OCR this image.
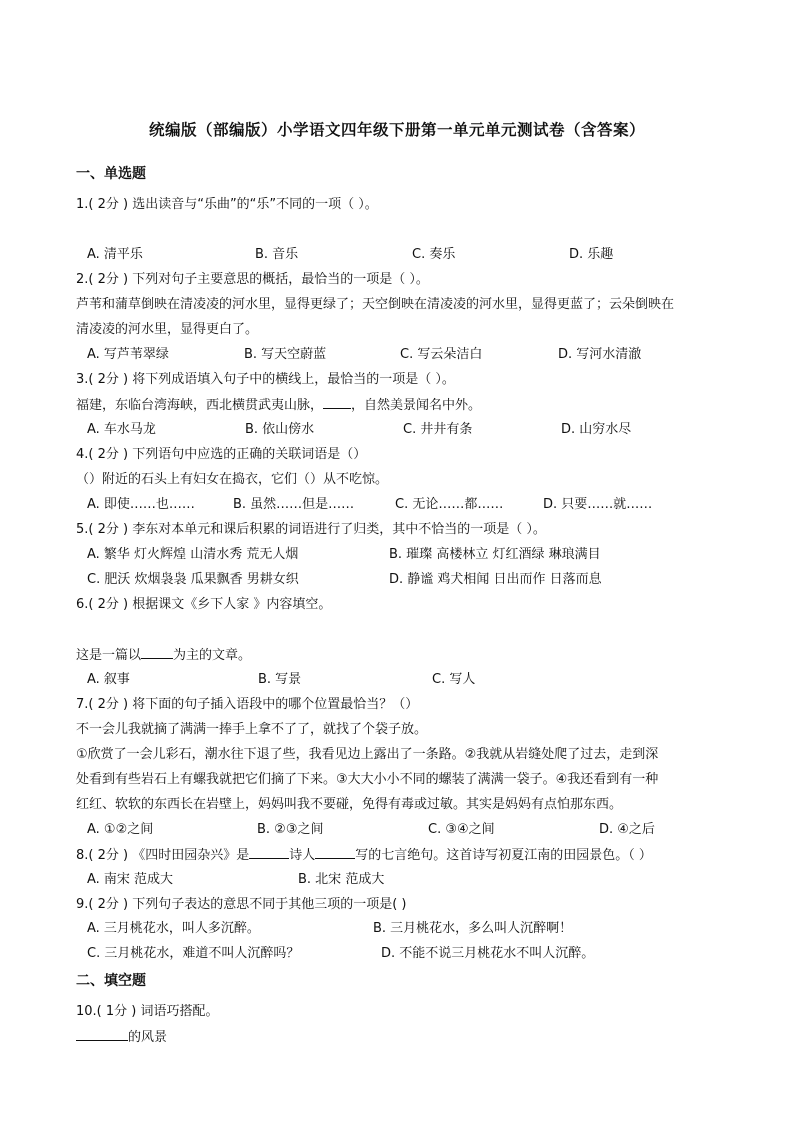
统编版（部编版）小学语文四年级下册第一单元单元测试卷（含答案）
一、单选题
1.( 2分 ) 选出读音与“乐曲”的“乐”不同的一项（ ）。
A. 清平乐	B. 音乐	C. 奏乐	D. 乐趣
2.( 2分 ) 下列对句子主要意思的概括，最恰当的一项是（ ）。
芦苇和蒲草倒映在清凌凌的河水里，显得更绿了；天空倒映在清凌凌的河水里，显得更蓝了；云朵倒映在
清凌凌的河水里，显得更白了。
A. 写芦苇翠绿	B. 写天空蔚蓝	C. 写云朵洁白	D. 写河水清澈
3.( 2分 ) 将下列成语填入句子中的横线上，最恰当的一项是（ ）。
福建，东临台湾海峡，西北横贯武夷山脉， ，自然美景闻名中外。
A. 车水马龙	B. 依山傍水	C. 井井有条	D. 山穷水尽
4.( 2分 ) 下列语句中应选的正确的关联词语是（）
（）附近的石头上有妇女在捣衣，它们（）从不吃惊。
A. 即使……也……	B. 虽然……但是……	C. 无论……都……	D. 只要……就……
5.( 2分 ) 李东对本单元和课后积累的词语进行了归类，其中不恰当的一项是（ ）。
A. 繁华 灯火辉煌 山清水秀 荒无人烟	B. 璀璨 高楼林立 灯红酒绿 琳琅满目
C. 肥沃 炊烟袅袅 瓜果飘香 男耕女织	D. 静谧 鸡犬相闻 日出而作 日落而息
6.( 2分 ) 根据课文《乡下人家 》内容填空。
这是一篇以 为主的文章。
A. 叙事	B. 写景	C. 写人
7.( 2分 ) 将下面的句子插入语段中的哪个位置最恰当？（）
不一会儿我就摘了满满一捧手上拿不了了，就找了个袋子放。
①欣赏了一会儿彩石，潮水往下退了些，我看见边上露出了一条路。②我就从岩缝处爬了过去，走到深
处看到有些岩石上有螺我就把它们摘了下来。③大大小小不同的螺装了满满一袋子。④我还看到有一种
红红、软软的东西长在岩壁上，妈妈叫我不要碰，免得有毒或过敏。其实是妈妈有点怕那东西。
A. ①②之间	B. ②③之间	C. ③④之间	D. ④之后
8.( 2分 ) 《四时田园杂兴》是	诗人	写的七言绝句。这首诗写初夏江南的田园景色。（ ）
A. 南宋 范成大	B. 北宋 范成大
9.( 2分 ) 下列句子表达的意思不同于其他三项的一项是( )
A. 三月桃花水，叫人多沉醉。	B. 三月桃花水，多么叫人沉醉啊！
C. 三月桃花水，难道不叫人沉醉吗？	D. 不能不说三月桃花水不叫人沉醉。
二、填空题
10.( 1分 ) 词语巧搭配。
的风景
